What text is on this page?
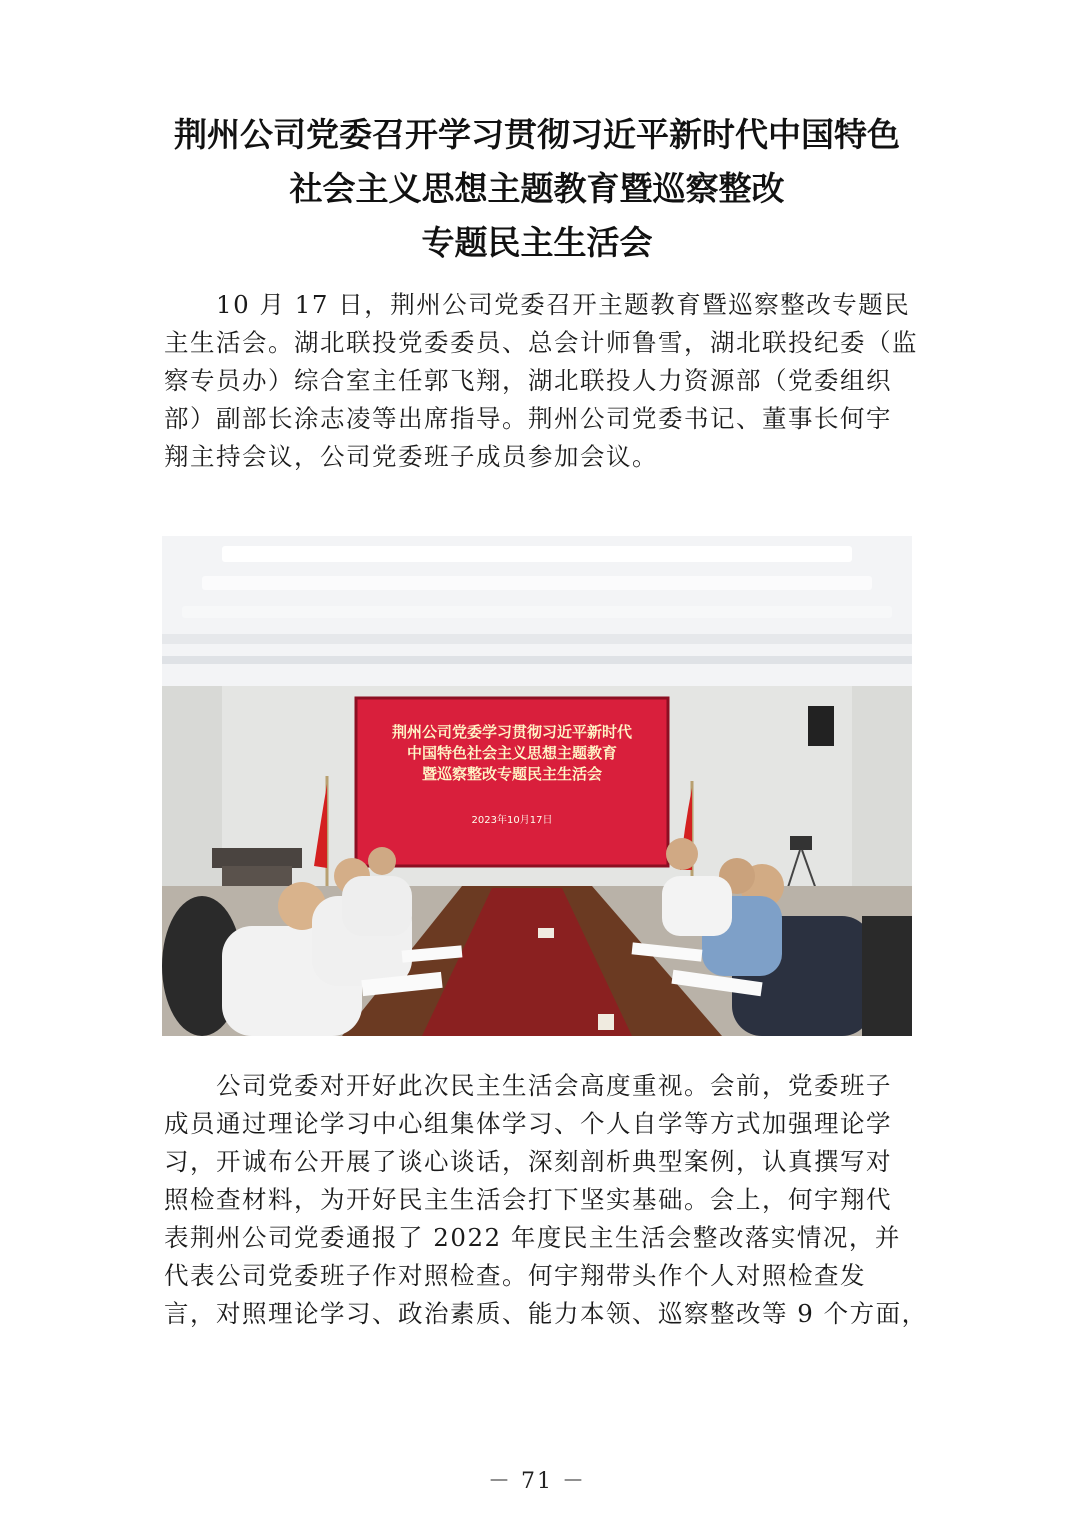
荆州公司党委召开学习贯彻习近平新时代中国特色
社会主义思想主题教育暨巡察整改
专题民主生活会

　　10 月 17 日，荆州公司党委召开主题教育暨巡察整改专题民
主生活会。湖北联投党委委员、总会计师鲁雪，湖北联投纪委（监
察专员办）综合室主任郭飞翔，湖北联投人力资源部（党委组织
部）副部长涂志凌等出席指导。荆州公司党委书记、董事长何宇
翔主持会议，公司党委班子成员参加会议。

荆州公司党委学习贯彻习近平新时代
中国特色社会主义思想主题教育
暨巡察整改专题民主生活会
2023年10月17日

　　公司党委对开好此次民主生活会高度重视。会前，党委班子
成员通过理论学习中心组集体学习、个人自学等方式加强理论学
习，开诚布公开展了谈心谈话，深刻剖析典型案例，认真撰写对
照检查材料，为开好民主生活会打下坚实基础。会上，何宇翔代
表荆州公司党委通报了 2022 年度民主生活会整改落实情况，并
代表公司党委班子作对照检查。何宇翔带头作个人对照检查发
言，对照理论学习、政治素质、能力本领、巡察整改等 9 个方面，

－ 71 －
